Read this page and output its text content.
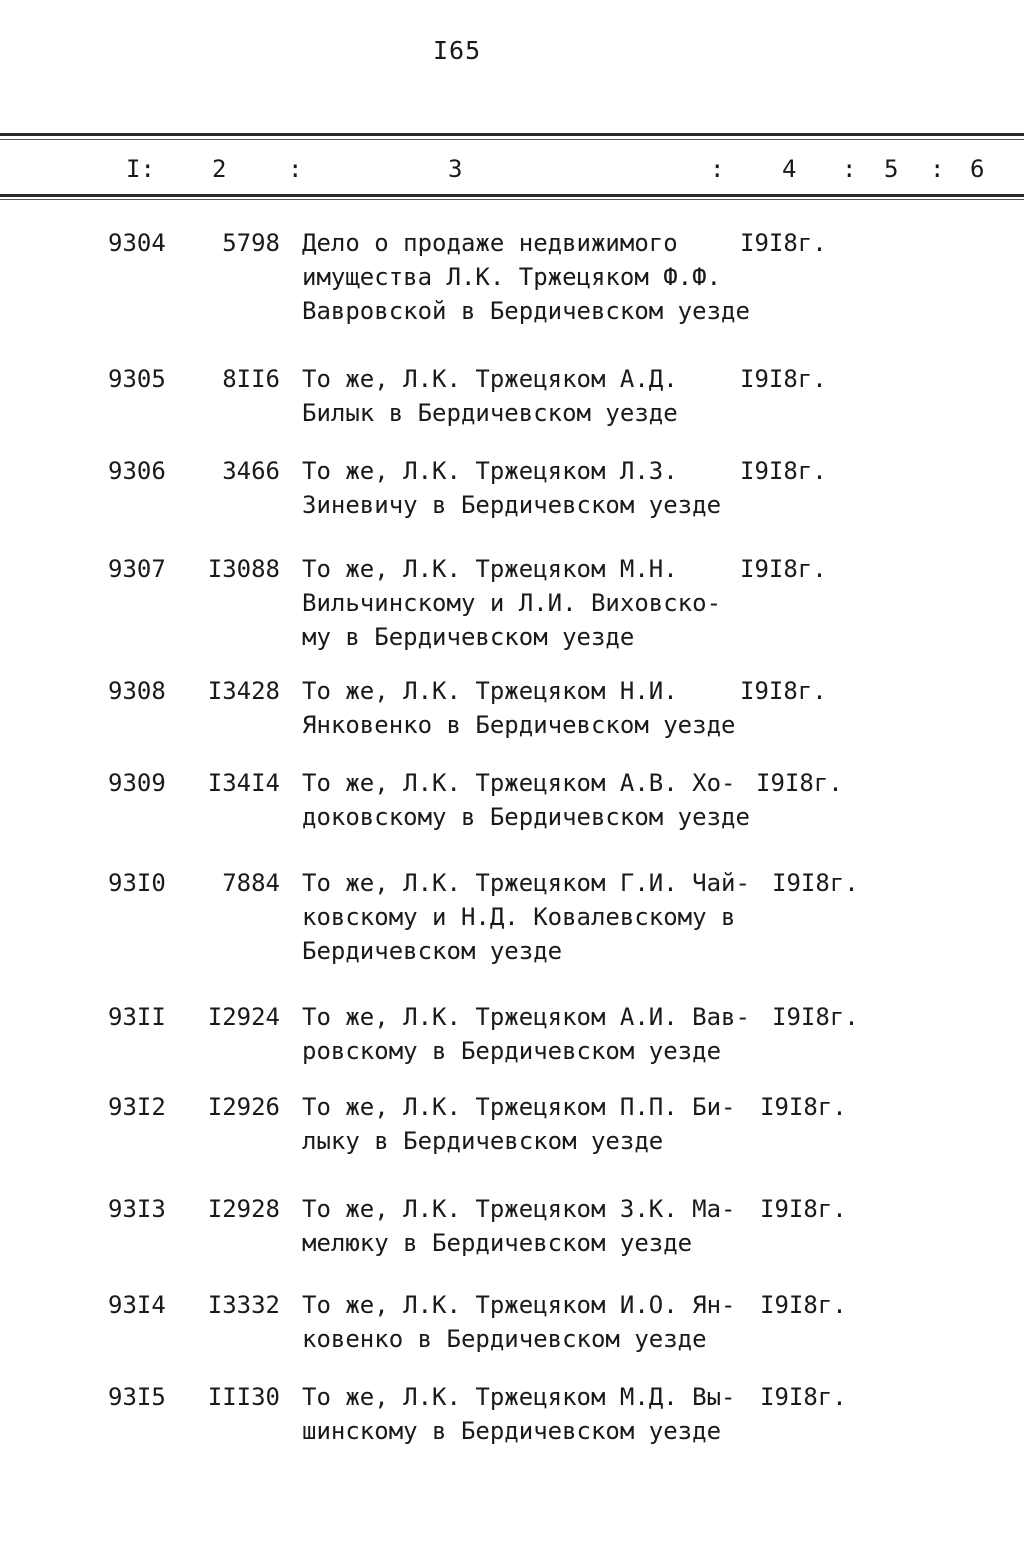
I65
I: 2	:	3	: 4 : 5 : 6
9304	5798 Дело о продаже недвижимого
имущества Л.К. Тржецяком Ф.Ф.
Вавровской в Бердичевском уезде
I9I8г.
9305	8II6 То же, Л.К. Тржецяком А.Д.
Билык в Бердичевском уезде
I9I8г.
9306	3466 То же, Л.К. Тржецяком Л.З.
Зиневичу в Бердичевском уезде
I9I8г.
9307	I3088 То же, Л.К. Тржецяком М.Н.
Вильчинскому и Л.И. Виховско-
му в Бердичевском уезде
I9I8г.
9308	I3428 То же, Л.К. Тржецяком Н.И.
Янковенко в Бердичевском уезде
I9I8г.
9309	I34I4 То же, Л.К. Тржецяком А.В. Хо-
доковскому в Бердичевском уезде
I9I8г.
93I0	7884 То же, Л.К. Тржецяком Г.И. Чай-
ковскому и Н.Д. Ковалевскому в
Бердичевском уезде
I9I8г.
93II	I2924 То же, Л.К. Тржецяком А.И. Вав-
ровскому в Бердичевском уезде
I9I8г.
93I2	I2926 То же, Л.К. Тржецяком П.П. Би-
лыку в Бердичевском уезде
I9I8г.
93I3	I2928 То же, Л.К. Тржецяком З.К. Ма-
мелюку в Бердичевском уезде
I9I8г.
93I4	I3332 То же, Л.К. Тржецяком И.О. Ян-
ковенко в Бердичевском уезде
I9I8г.
93I5	III30 То же, Л.К. Тржецяком М.Д. Вы-
шинскому в Бердичевском уезде
I9I8г.
